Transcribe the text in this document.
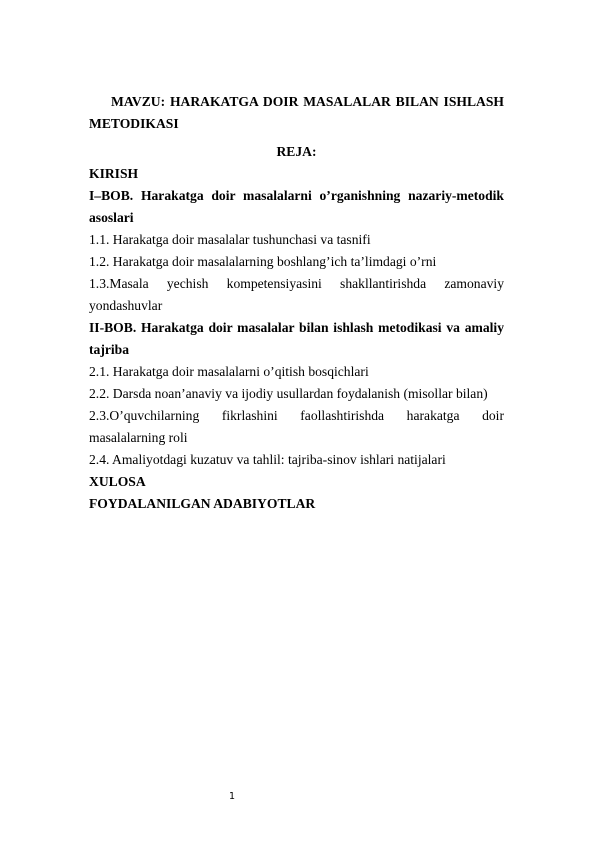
MAVZU: HARAKATGA DOIR MASALALAR BILAN ISHLASH METODIKASI
REJA:
KIRISH
I–BOB. Harakatga doir masalalarni o’rganishning nazariy-metodik asoslari
1.1. Harakatga doir masalalar tushunchasi va tasnifi
1.2. Harakatga doir masalalarning boshlang’ich ta’limdagi o’rni
1.3.Masala yechish kompetensiyasini shakllantirishda zamonaviy yondashuvlar
II-BOB. Harakatga doir masalalar bilan ishlash metodikasi va amaliy tajriba
2.1. Harakatga doir masalalarni o’qitish bosqichlari
2.2. Darsda noan’anaviy va ijodiy usullardan foydalanish (misollar bilan)
2.3.O’quvchilarning fikrlashini faollashtirishda harakatga doir masalalarning roli
2.4. Amaliyotdagi kuzatuv va tahlil: tajriba-sinov ishlari natijalari
XULOSA
FOYDALANILGAN ADABIYOTLAR
1
